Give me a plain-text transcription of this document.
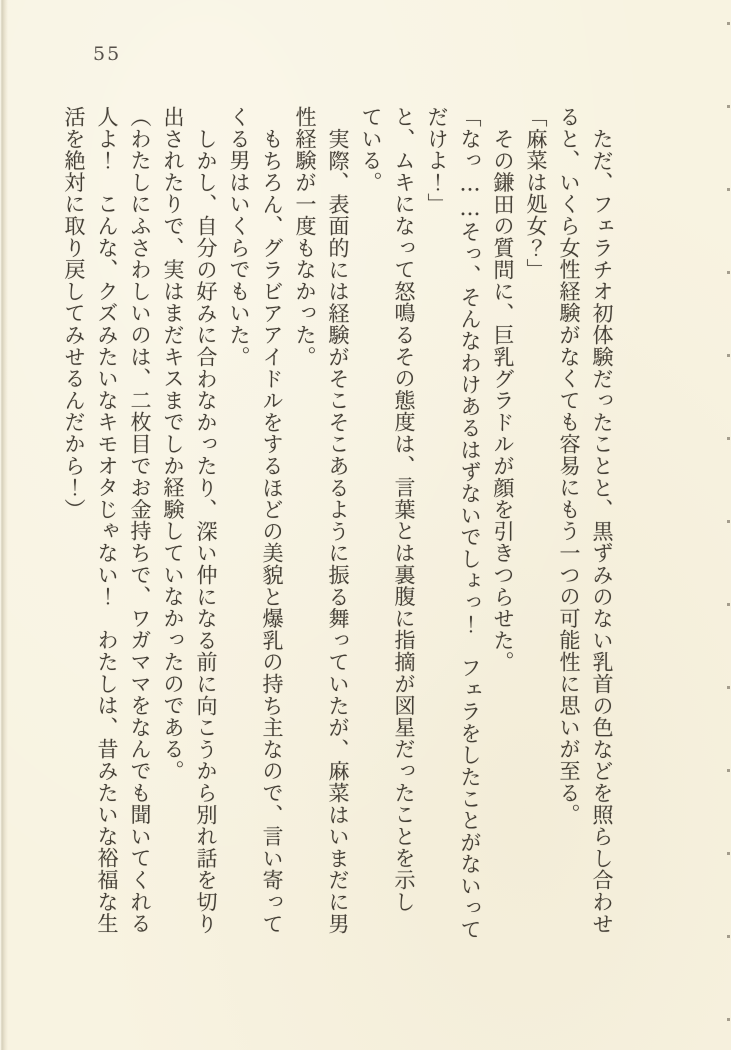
55
ただ、フェラチオ初体験だったことと、黒ずみのない乳首の色などを照らし合わせ
ると、いくら女性経験がなくても容易にもう一つの可能性に思いが至る。
「麻菜は処女？」
その鎌田の質問に、巨乳グラドルが顔を引きつらせた。
「なっ……そっ、そんなわけあるはずないでしょっ！　フェラをしたことがないって
だけよ！」
と、ムキになって怒鳴るその態度は、言葉とは裏腹に指摘が図星だったことを示し
ている。
実際、表面的には経験がそこそこあるように振る舞っていたが、麻菜はいまだに男
性経験が一度もなかった。
もちろん、グラビアアイドルをするほどの美貌と爆乳の持ち主なので、言い寄って
くる男はいくらでもいた。
しかし、自分の好みに合わなかったり、深い仲になる前に向こうから別れ話を切り
出されたりで、実はまだキスまでしか経験していなかったのである。
（わたしにふさわしいのは、二枚目でお金持ちで、ワガママをなんでも聞いてくれる
人よ！　こんな、クズみたいなキモオタじゃない！　わたしは、昔みたいな裕福な生
活を絶対に取り戻してみせるんだから！）
